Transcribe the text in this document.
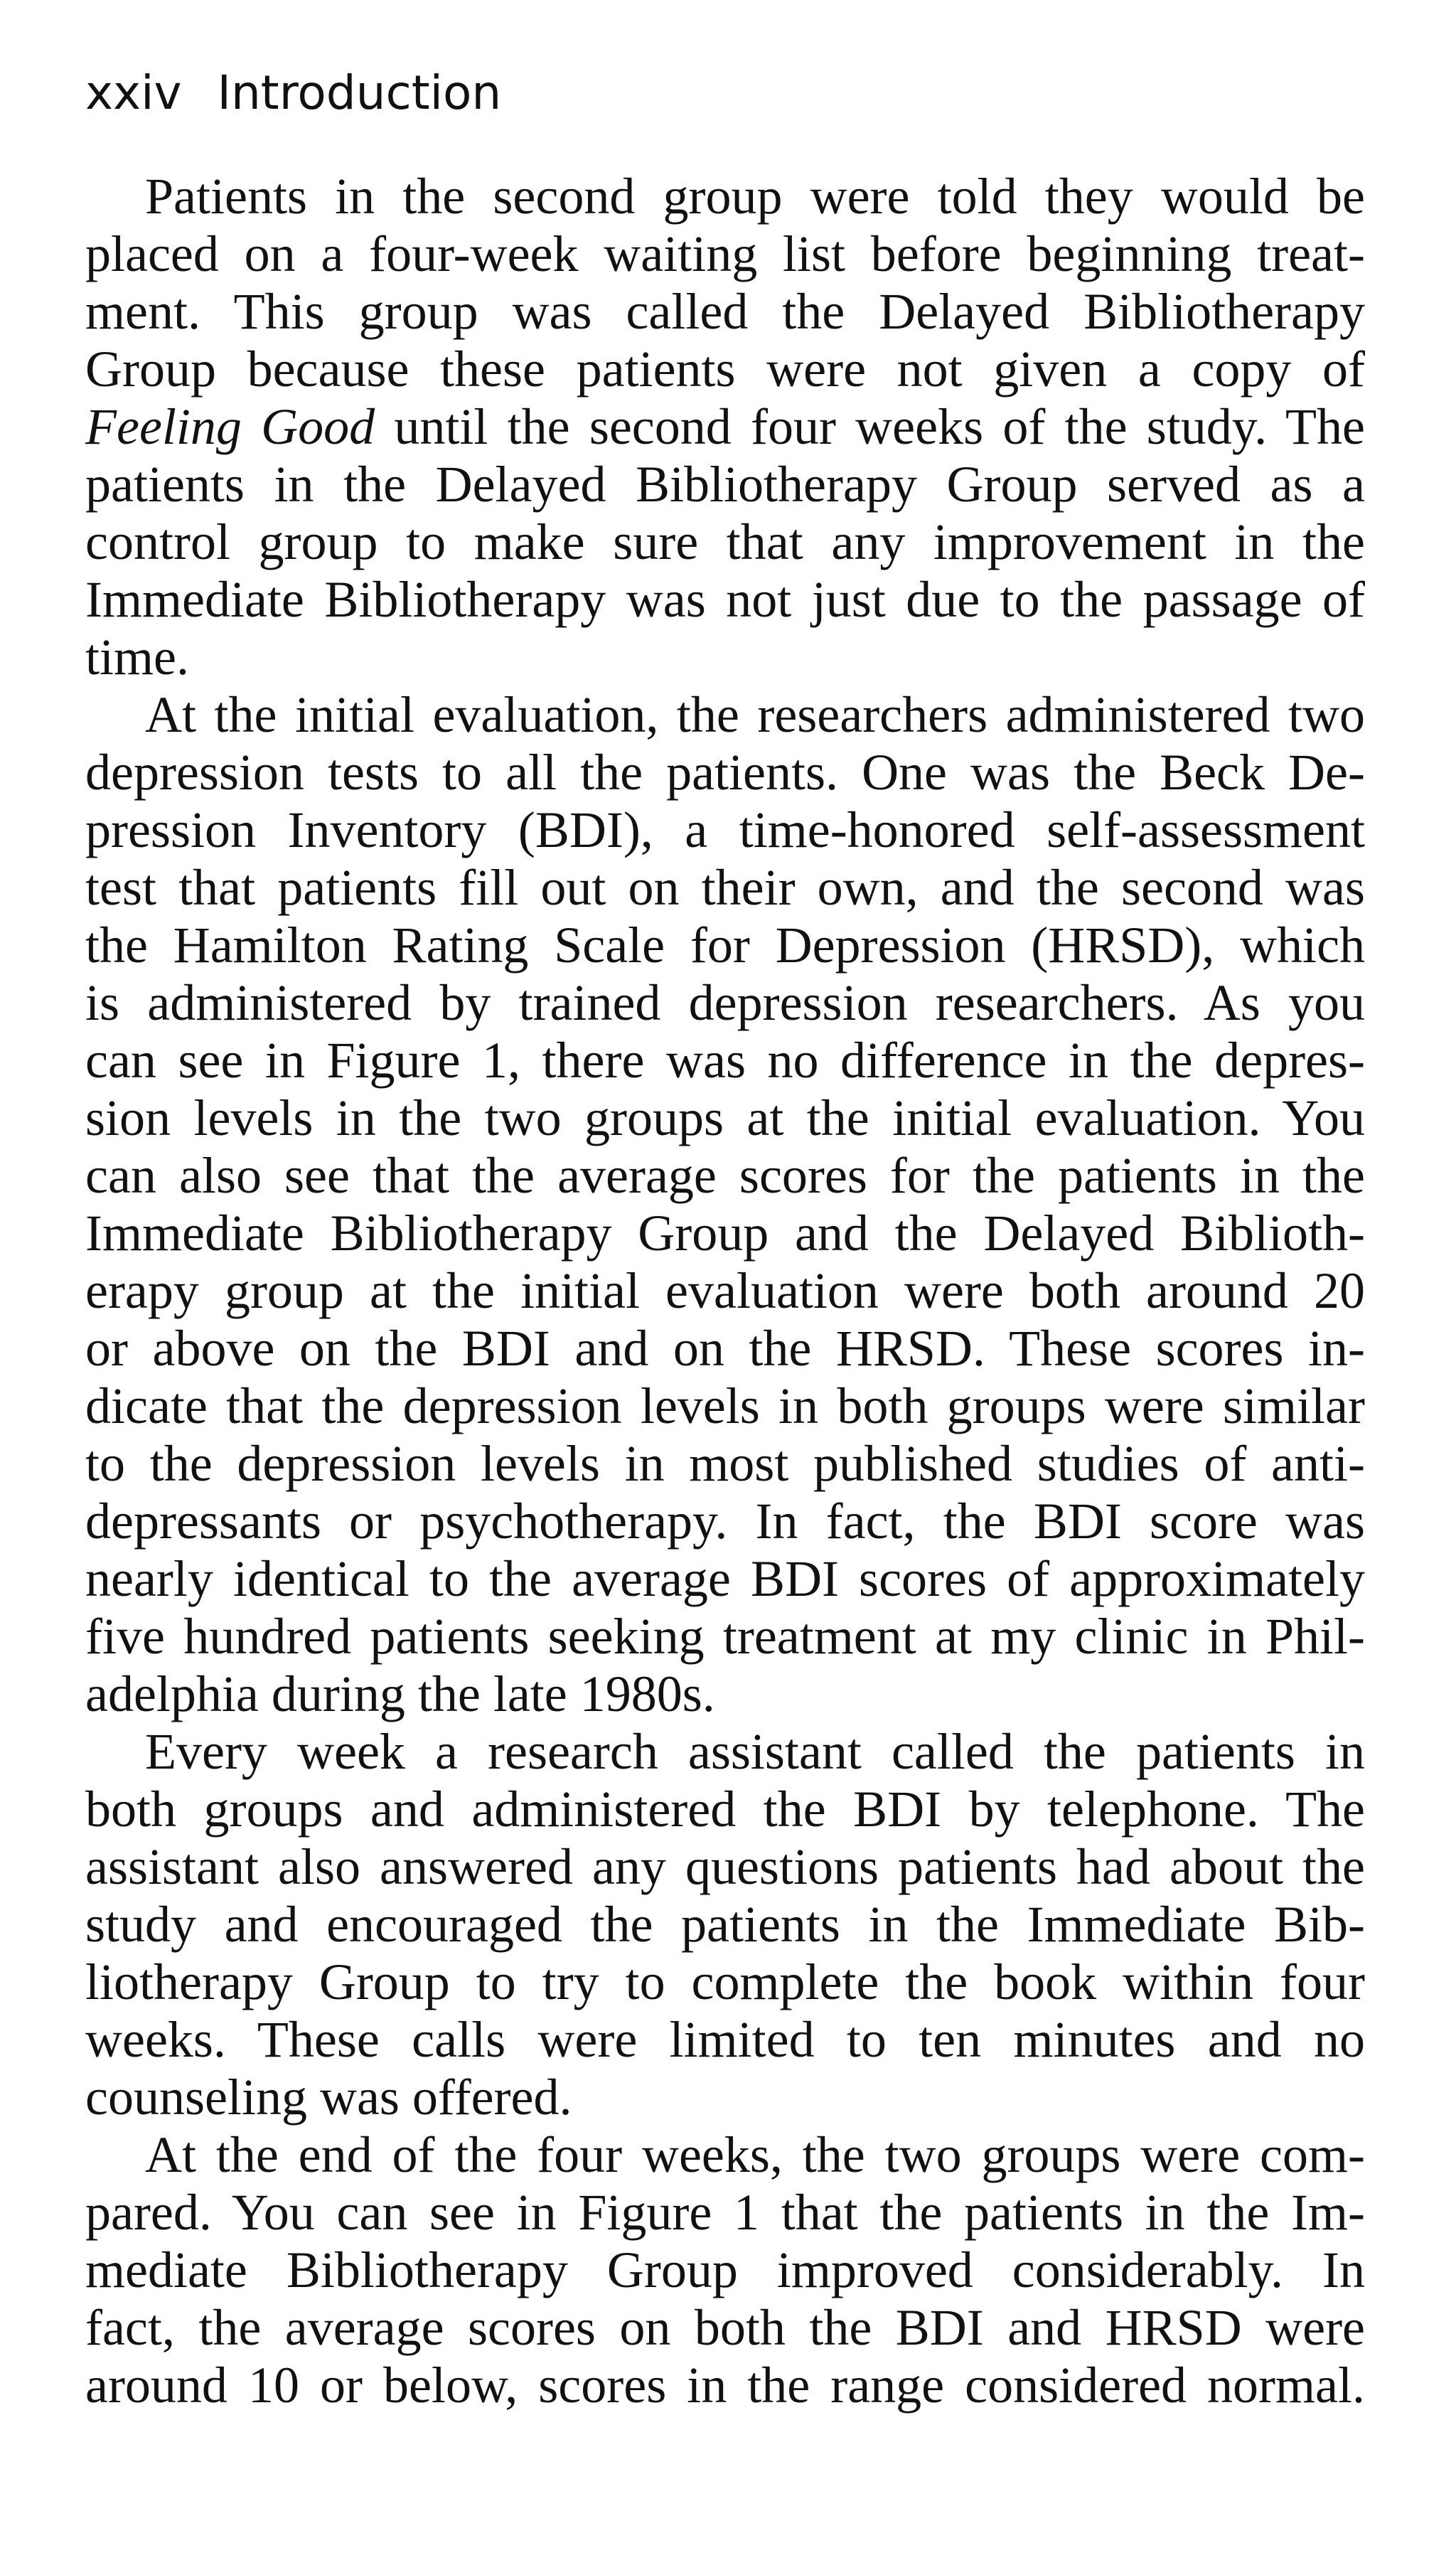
xxiv Introduction
Patients in the second group were told they would be
placed on a four-week waiting list before beginning treat-
ment. This group was called the Delayed Bibliotherapy
Group because these patients were not given a copy of
Feeling Good until the second four weeks of the study. The
patients in the Delayed Bibliotherapy Group served as a
control group to make sure that any improvement in the
Immediate Bibliotherapy was not just due to the passage of
time.
At the initial evaluation, the researchers administered two
depression tests to all the patients. One was the Beck De-
pression Inventory (BDI), a time-honored self-assessment
test that patients fill out on their own, and the second was
the Hamilton Rating Scale for Depression (HRSD), which
is administered by trained depression researchers. As you
can see in Figure 1, there was no difference in the depres-
sion levels in the two groups at the initial evaluation. You
can also see that the average scores for the patients in the
Immediate Bibliotherapy Group and the Delayed Biblioth-
erapy group at the initial evaluation were both around 20
or above on the BDI and on the HRSD. These scores in-
dicate that the depression levels in both groups were similar
to the depression levels in most published studies of anti-
depressants or psychotherapy. In fact, the BDI score was
nearly identical to the average BDI scores of approximately
five hundred patients seeking treatment at my clinic in Phil-
adelphia during the late 1980s.
Every week a research assistant called the patients in
both groups and administered the BDI by telephone. The
assistant also answered any questions patients had about the
study and encouraged the patients in the Immediate Bib-
liotherapy Group to try to complete the book within four
weeks. These calls were limited to ten minutes and no
counseling was offered.
At the end of the four weeks, the two groups were com-
pared. You can see in Figure 1 that the patients in the Im-
mediate Bibliotherapy Group improved considerably. In
fact, the average scores on both the BDI and HRSD were
around 10 or below, scores in the range considered normal.
